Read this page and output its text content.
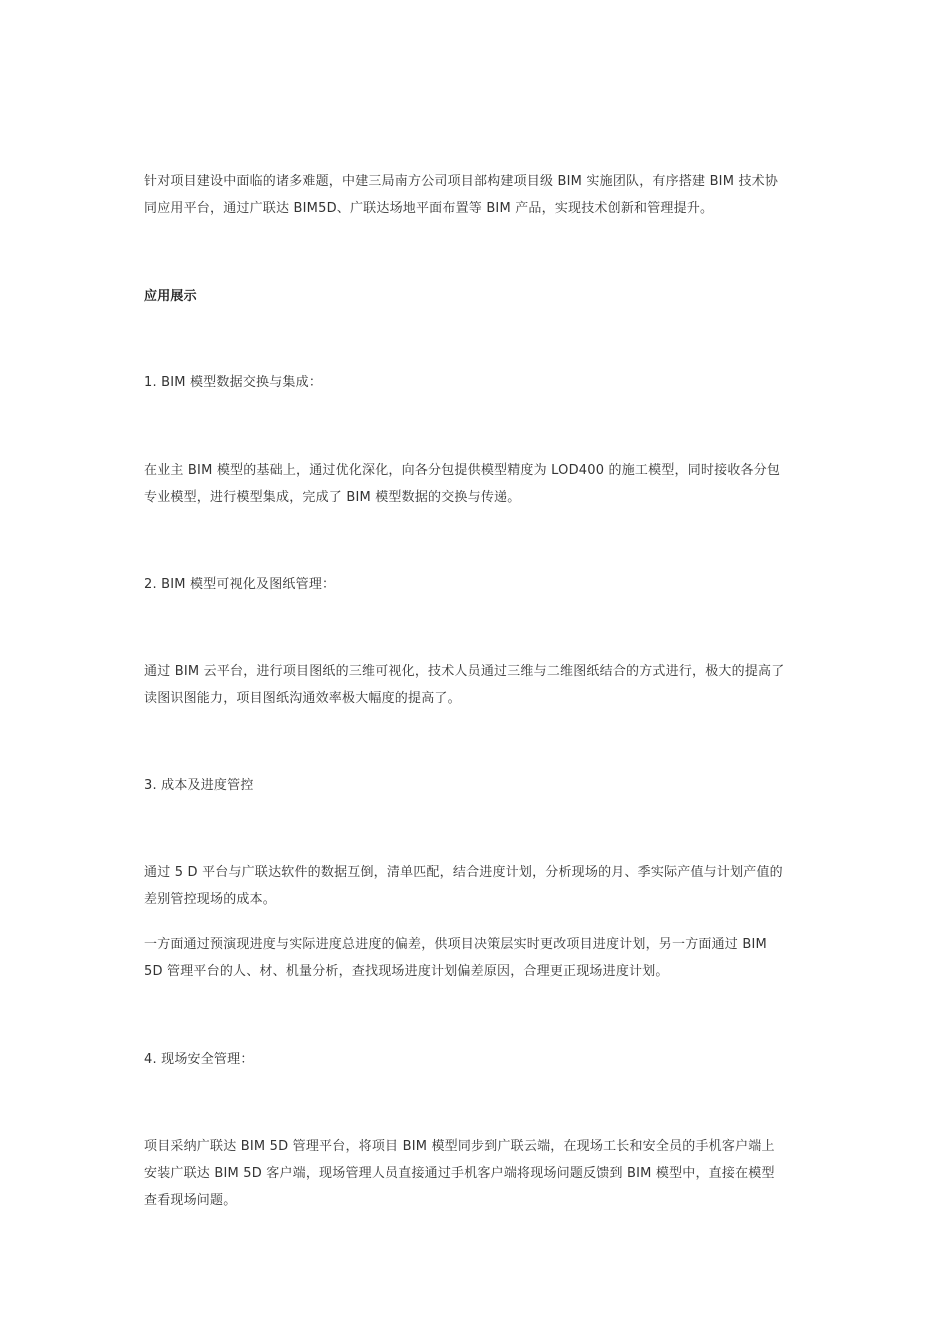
针对项目建设中面临的诸多难题，中建三局南方公司项目部构建项目级 BIM 实施团队，有序搭建 BIM 技术协
同应用平台，通过广联达 BIM5D、广联达场地平面布置等 BIM 产品，实现技术创新和管理提升。
应用展示
1. BIM 模型数据交换与集成：
在业主 BIM 模型的基础上，通过优化深化，向各分包提供模型精度为 LOD400 的施工模型，同时接收各分包
专业模型，进行模型集成，完成了 BIM 模型数据的交换与传递。
2. BIM 模型可视化及图纸管理：
通过 BIM 云平台，进行项目图纸的三维可视化，技术人员通过三维与二维图纸结合的方式进行，极大的提高了
读图识图能力，项目图纸沟通效率极大幅度的提高了。
3. 成本及进度管控
通过 5 D 平台与广联达软件的数据互倒，清单匹配，结合进度计划，分析现场的月、季实际产值与计划产值的
差别管控现场的成本。
一方面通过预演现进度与实际进度总进度的偏差，供项目决策层实时更改项目进度计划，另一方面通过 BIM
5D 管理平台的人、材、机量分析，查找现场进度计划偏差原因，合理更正现场进度计划。
4. 现场安全管理：
项目采纳广联达 BIM 5D 管理平台，将项目 BIM 模型同步到广联云端，在现场工长和安全员的手机客户端上
安装广联达 BIM 5D 客户端，现场管理人员直接通过手机客户端将现场问题反馈到 BIM 模型中，直接在模型
查看现场问题。
